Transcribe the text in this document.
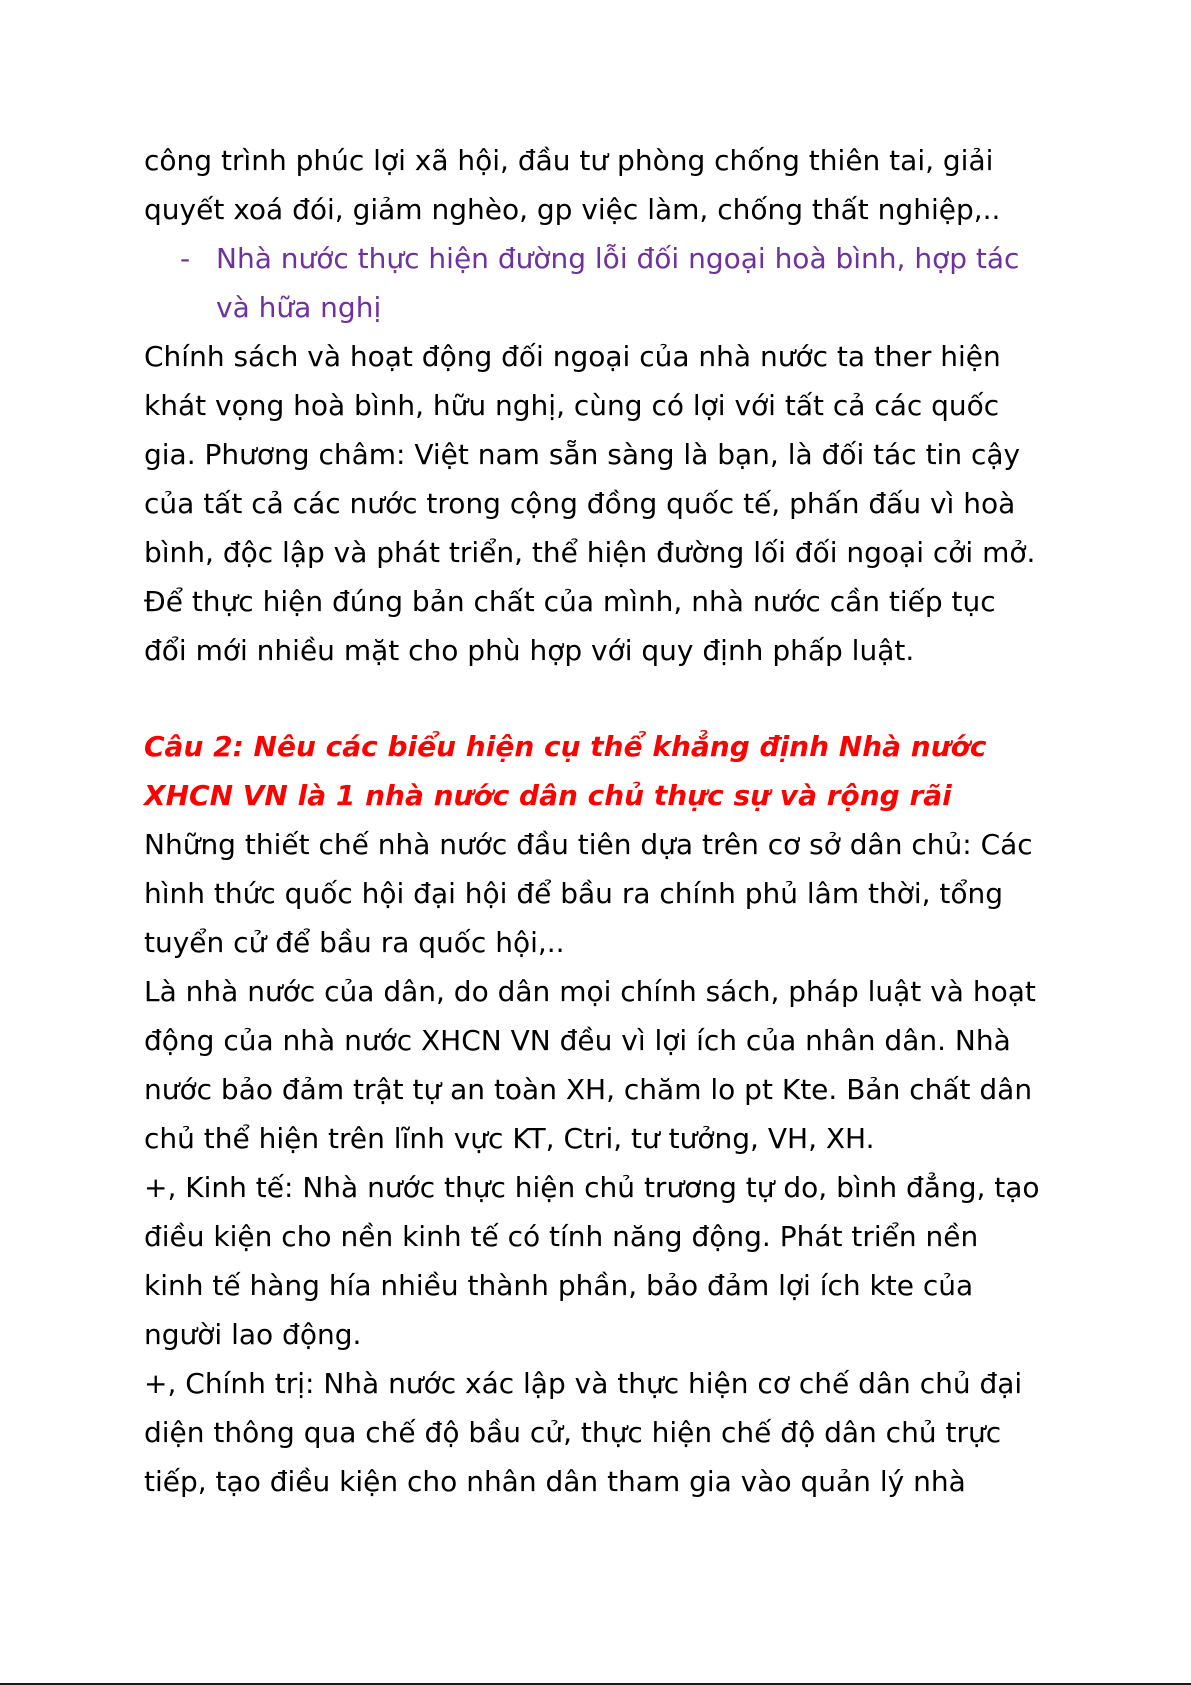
công trình phúc lợi xã hội, đầu tư phòng chống thiên tai, giải

quyết xoá đói, giảm nghèo, gp việc làm, chống thất nghiệp,..

- Nhà nước thực hiện đường lỗi đối ngoại hoà bình, hợp tác

và hữa nghị

Chính sách và hoạt động đối ngoại của nhà nước ta ther hiện

khát vọng hoà bình, hữu nghị, cùng có lợi với tất cả các quốc

gia. Phương châm: Việt nam sẵn sàng là bạn, là đối tác tin cậy

của tất cả các nước trong cộng đồng quốc tế, phấn đấu vì hoà

bình, độc lập và phát triển, thể hiện đường lối đối ngoại cởi mở.

Để thực hiện đúng bản chất của mình, nhà nước cần tiếp tục

đổi mới nhiều mặt cho phù hợp với quy định phấp luật.

Câu 2: Nêu các biểu hiện cụ thể khẳng định Nhà nước

XHCN VN là 1 nhà nước dân chủ thực sự và rộng rãi

Những thiết chế nhà nước đầu tiên dựa trên cơ sở dân chủ: Các

hình thức quốc hội đại hội để bầu ra chính phủ lâm thời, tổng

tuyển cử để bầu ra quốc hội,..

Là nhà nước của dân, do dân mọi chính sách, pháp luật và hoạt

động của nhà nước XHCN VN đều vì lợi ích của nhân dân. Nhà

nước bảo đảm trật tự an toàn XH, chăm lo pt Kte. Bản chất dân

chủ thể hiện trên lĩnh vực KT, Ctri, tư tưởng, VH, XH.

+, Kinh tế: Nhà nước thực hiện chủ trương tự do, bình đẳng, tạo

điều kiện cho nền kinh tế có tính năng động. Phát triển nền

kinh tế hàng hía nhiều thành phần, bảo đảm lợi ích kte của

người lao động.

+, Chính trị: Nhà nước xác lập và thực hiện cơ chế dân chủ đại

diện thông qua chế độ bầu cử, thực hiện chế độ dân chủ trực

tiếp, tạo điều kiện cho nhân dân tham gia vào quản lý nhà
